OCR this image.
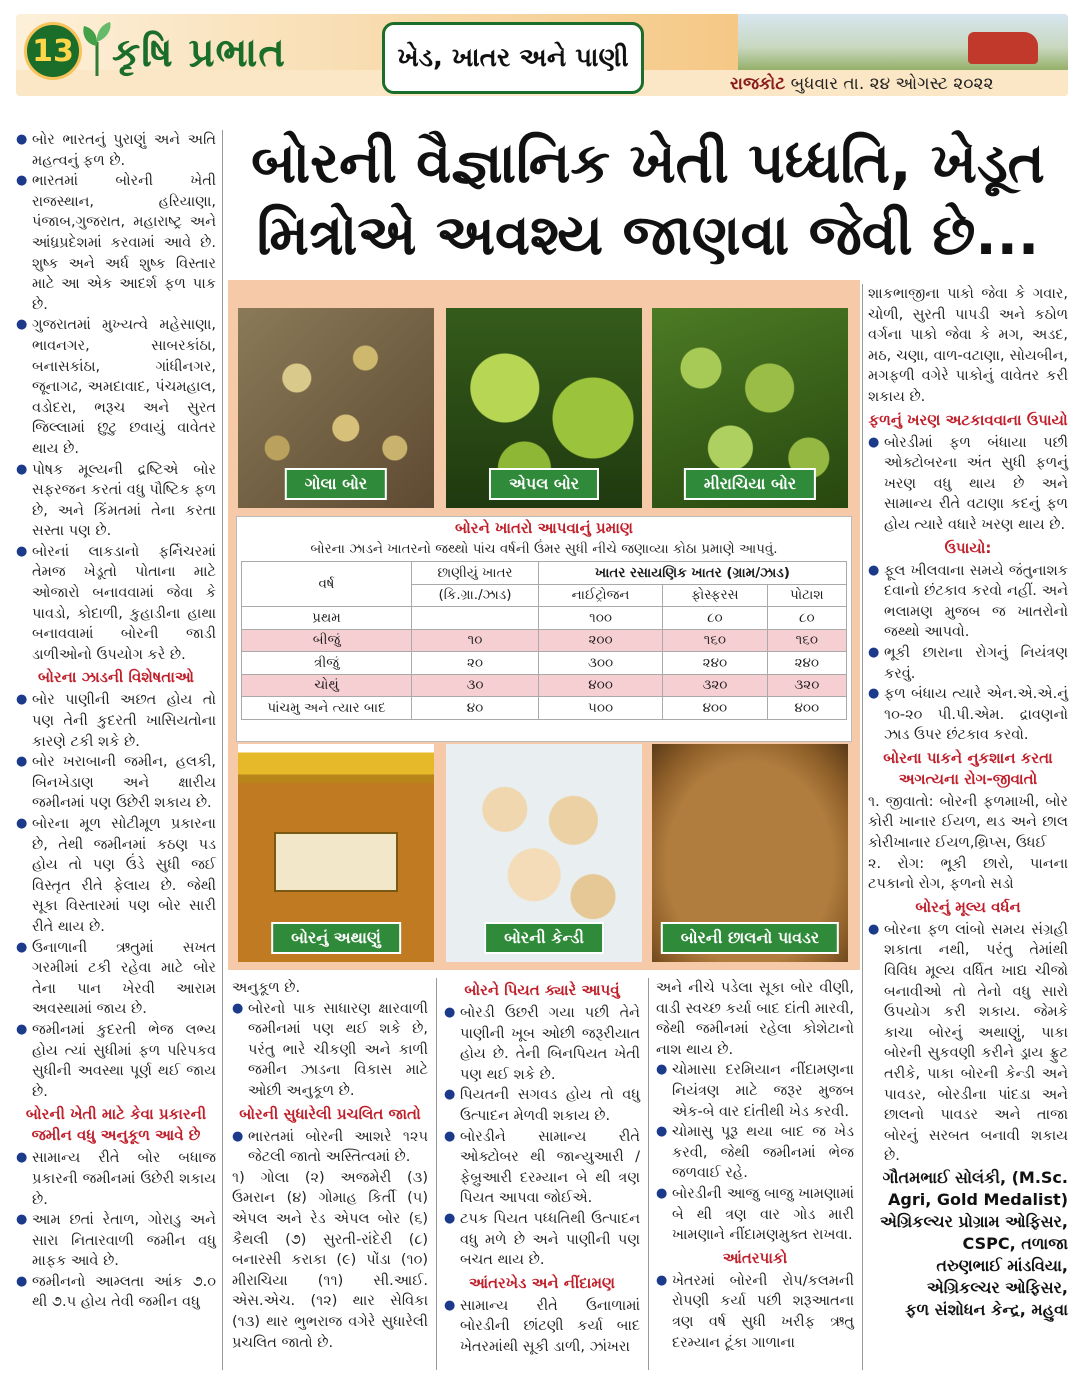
13 કૃષિ પ્રભાત	ખેડ, ખાતર અને પાણી
રાજકોટ બુધવાર તા. ૨૪ ઓગસ્ટ ૨૦૨૨
બોરની વૈજ્ઞાનિક ખેતી પધ્ધતિ, ખેડૂત
મિત્રોએ અવશ્ય જાણવા જેવી છે...

● બોર ભારતનું પુરાણું અને અતિ મહત્વનું ફળ છે.

● ભારતમાં બોરની ખેતી રાજસ્થાન, હરિયાણા, પંજાબ,ગુજરાત, મહારાષ્ટ્ર અને આંધ્રપ્રદેશમાં કરવામાં આવે છે. શુષ્ક અને અર્ધ શુષ્ક વિસ્તાર માટે આ એક આદર્શ ફળ પાક છે.

● ગુજરાતમાં મુખ્યત્વે મહેસાણા, ભાવનગર, સાબરકાંઠા, બનાસકાંઠા, ગાંધીનગર, જૂનાગઢ, અમદાવાદ, પંચમહાલ, વડોદરા, ભરૂચ અને સુરત જિલ્લામાં છુટુ છવાયું વાવેતર થાય છે.

● પોષક મૂલ્યની દ્રષ્ટિએ બોર સફરજન કરતાં વધુ પૌષ્ટિક ફળ છે, અને કિંમતમાં તેના કરતા સસ્તા પણ છે.

● બોરનાં લાકડાનો ફર્નિચરમાં તેમજ ખેડૂતો પોતાના માટે ઓજારો બનાવવામાં જેવા કે પાવડો, કોદાળી, કુહાડીના હાથા બનાવવામાં બોરની જાડી ડાળીઓનો ઉપયોગ કરે છે.

બોરના ઝાડની વિશેષતાઓ

● બોર પાણીની અછત હોય તો પણ તેની કુદરતી ખાસિયતોના કારણે ટકી શકે છે.

● બોર ખરાબાની જમીન, હલકી, બિનખેડાણ અને ક્ષારીય જમીનમાં પણ ઉછેરી શકાય છે.

● બોરના મૂળ સોટીમૂળ પ્રકારના છે, તેથી જમીનમાં કઠણ પડ હોય તો પણ ઉંડે સુધી જઈ વિસ્તૃત રીતે ફેલાય છે. જેથી સૂકા વિસ્તારમાં પણ બોર સારી રીતે થાય છે.

● ઉનાળાની ઋતુમાં સખત ગરમીમાં ટકી રહેવા માટે બોર તેના પાન ખેરવી આરામ અવસ્થામાં જાય છે.

● જમીનમાં કુદરતી ભેજ લભ્ય હોય ત્યાં સુધીમાં ફળ પરિપકવ સુધીની અવસ્થા પૂર્ણ થઈ જાય છે.

બોરની ખેતી માટે કેવા પ્રકારની જમીન વધુ અનુકૂળ આવે છે

● સામાન્ય રીતે બોર બધાજ પ્રકારની જમીનમાં ઉછેરી શકાય છે.

● આમ છતાં રેતાળ, ગોરાડુ અને સારા નિતારવાળી જમીન વધુ માફક આવે છે.

● જમીનનો આમ્લતા આંક ૭.૦ થી ૭.૫ હોય તેવી જમીન વધુ

ગોલા બોર	એપલ બોર	મીરાચિયા બોર
બોરનું અથાણું	બોરની કેન્ડી	બોરની છાલનો પાવડર
બોરને ખાતરો આપવાનું પ્રમાણ
બોરના ઝાડને ખાતરનો જથ્થો પાંચ વર્ષની ઉંમર સુધી નીચે જણાવ્યા કોઠા પ્રમાણે આપવું.
વર્ષ	છાણીયું ખાતર	ખાતર રસાયણિક ખાતર (ગ્રામ/ઝાડ)		
	(કિ.ગ્રા./ઝાડ)	નાઈટ્રોજન	ફોસ્ફરસ	પોટાશ
પ્રથમ		૧૦૦	૮૦	૮૦
બીજું	૧૦	૨૦૦	૧૬૦	૧૬૦
ત્રીજું	૨૦	૩૦૦	૨૪૦	૨૪૦
ચોથું	૩૦	૪૦૦	૩૨૦	૩૨૦
પાંચમુ અને ત્યાર બાદ	૪૦	૫૦૦	૪૦૦	૪૦૦

શાકભાજીના પાકો જેવા કે ગવાર, ચોળી, સુરતી પાપડી અને કઠોળ વર્ગના પાકો જેવા કે મગ, અડદ, મઠ, ચણા, વાળ-વટાણા, સોયબીન, મગફળી વગેરે પાકોનું વાવેતર કરી શકાય છે.

ફળનું ખરણ અટકાવવાના ઉપાયો

● બોરડીમાં ફળ બંધાયા પછી ઓક્ટોબરના અંત સુધી ફળનું ખરણ વધુ થાય છે અને સામાન્ય રીતે વટાણા કદનું ફળ હોય ત્યારે વધારે ખરણ થાય છે.

ઉપાયો:

● ફૂલ ખીલવાના સમયે જંતુનાશક દવાનો છંટકાવ કરવો નહીં. અને ભલામણ મુજબ જ ખાતરોનો જથ્થો આપવો.

● ભૂકી છારાના રોગનું નિયંત્રણ કરવું.

● ફળ બંધાય ત્યારે એન.એ.એ.નું ૧૦-૨૦ પી.પી.એમ. દ્રાવણનો ઝાડ ઉપર છંટકાવ કરવો.

બોરના પાકને નુકશાન કરતા અગત્યના રોગ-જીવાતો

૧. જીવાતો: બોરની ફળમાખી, બોર કોરી ખાનાર ઈયળ, થડ અને છાલ કોરીખાનાર ઈયળ,થ્રિપ્સ, ઉધઈ

૨. રોગ: ભૂકી છારો, પાનના ટપકાનો રોગ, ફળનો સડો

બોરનું મૂલ્ય વર્ધન

● બોરના ફળ લાંબો સમય સંગ્રહી શકાતા નથી, પરંતુ તેમાંથી વિવિધ મૂલ્ય વર્ધિત ખાદ્ય ચીજો બનાવીઓ તો તેનો વધુ સારો ઉપયોગ કરી શકાય. જેમકે કાચા બોરનું અથાણું, પાકા બોરની સુકવણી કરીને ડ્રાય ફ્રુટ તરીકે, પાકા બોરની કેન્ડી અને પાવડર, બોરડીના પાંદડા અને છાલનો પાવડર અને તાજા બોરનું સરબત બનાવી શકાય છે.

ગૌતમભાઈ સોલંકી, (M.Sc. Agri, Gold Medalist)

એગ્રિકલ્ચર પ્રોગ્રામ ઓફિસર, CSPC, તળાજા

તરુણભાઈ માંડવિયા, એગ્રિકલ્ચર ઓફિસર,

ફળ સંશોધન કેન્દ્ર, મહુવા

અનુકૂળ છે.

● બોરનો પાક સાધારણ ક્ષારવાળી જમીનમાં પણ થઈ શકે છે, પરંતુ ભારે ચીકણી અને કાળી જમીન ઝાડના વિકાસ માટે ઓછી અનુકૂળ છે.

બોરની સુધારેલી પ્રચલિત જાતો

● ભારતમાં બોરની આશરે ૧૨૫ જેટલી જાતો અસ્તિત્વમાં છે.

૧) ગોલા (૨) અજમેરી (૩) ઉમરાન (૪) ગોમાહ કિર્તી (૫) એપલ અને રેડ એપલ બોર (૬) કૈથલી (૭) સુરતી-રાંદેરી (૮) બનારસી કરાકા (૯) પોંડા (૧૦) મીરાચિયા (૧૧) સી.આઈ. એસ.એચ. (૧૨) થાર સેવિકા (૧૩) થાર ભુભરાજ વગેરે સુધારેલી પ્રચલિત જાતો છે.

બોરને પિયત ક્યારે આપવું

● બોરડી ઉછરી ગયા પછી તેને પાણીની ખૂબ ઓછી જરૂરીયાત હોય છે. તેની બિનપિયત ખેતી પણ થઈ શકે છે.

● પિયતની સગવડ હોય તો વધુ ઉત્પાદન મેળવી શકાય છે.

● બોરડીને સામાન્ય રીતે ઓક્ટોબર થી જાન્યુઆરી / ફેબ્રુઆરી દરમ્યાન બે થી ત્રણ પિયત આપવા જોઈએ.

● ટપક પિયત પધ્ધતિથી ઉત્પાદન વધુ મળે છે અને પાણીની પણ બચત થાય છે.

આંતરખેડ અને નીંદામણ

● સામાન્ય રીતે ઉનાળામાં બોરડીની છાંટણી કર્યા બાદ ખેતરમાંથી સૂકી ડાળી, ઝાંખરા

અને નીચે પડેલા સૂકા બોર વીણી, વાડી સ્વચ્છ કર્યા બાદ દાંતી મારવી, જેથી જમીનમાં રહેલા કોશેટાનો નાશ થાય છે.

● ચોમાસા દરમિયાન નીંદામણના નિયંત્રણ માટે જરૂર મુજબ એક-બે વાર દાંતીથી ખેડ કરવી.

● ચોમાસુ પૂરૂ થયા બાદ જ ખેડ કરવી, જેથી જમીનમાં ભેજ જળવાઈ રહે.

● બોરડીની આજુ બાજુ ખામણામાં બે થી ત્રણ વાર ગોડ મારી ખામણાને નીંદામણમુક્ત રાખવા.

આંતરપાકો

● ખેતરમાં બોરની રોપ/કલમની રોપણી કર્યા પછી શરૂઆતના ત્રણ વર્ષ સુધી ખરીફ ઋતુ દરમ્યાન ટૂંકા ગાળાના
